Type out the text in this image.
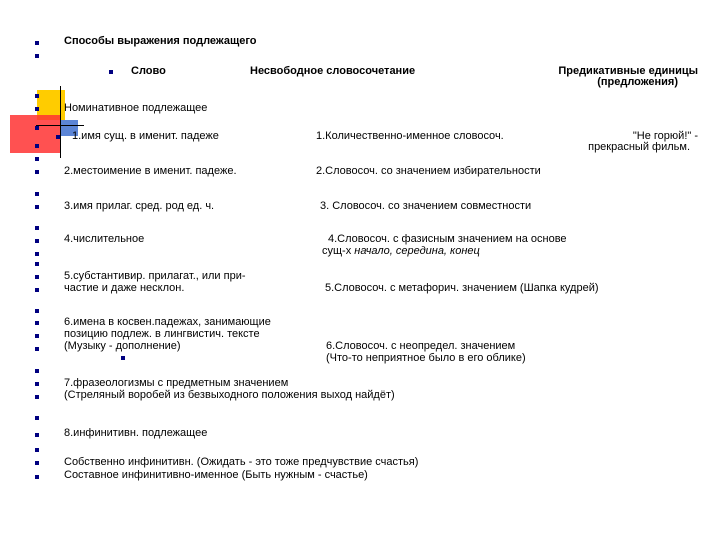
Способы выражения подлежащего
Слово	Несвободное словосочетание	Предикативные единицы
(предложения)
Номинативное подлежащее
1.имя сущ. в именит. падеже
2.местоимение в именит. падеже.
3.имя прилаг. сред. род ед. ч.
4.числительное
5.субстантивир. прилагат., или при-
частие и даже несклон.
6.имена в косвен.падежах, занимающие
позицию подлеж. в лингвистич. тексте
(Музыку - дополнение)
7.фразеологизмы с предметным значением
(Стреляный воробей из безвыходного положения выход найдёт)
8.инфинитивн. подлежащее
1.Количественно-именное словосоч.
2.Словосоч. со значением избирательности
3. Словосоч. со значением совместности
4.Словосоч. с фазисным значением на основе
сущ-х начало, середина, конец
5.Словосоч. с метафорич. значением (Шапка кудрей)
6.Словосоч. с неопредел. значением
(Что-то неприятное было в его облике)
"Не горюй!" -
прекрасный фильм.
Собственно инфинитивн. (Ожидать - это тоже предчувствие счастья)
Составное инфинитивно-именное (Быть нужным - счастье)
